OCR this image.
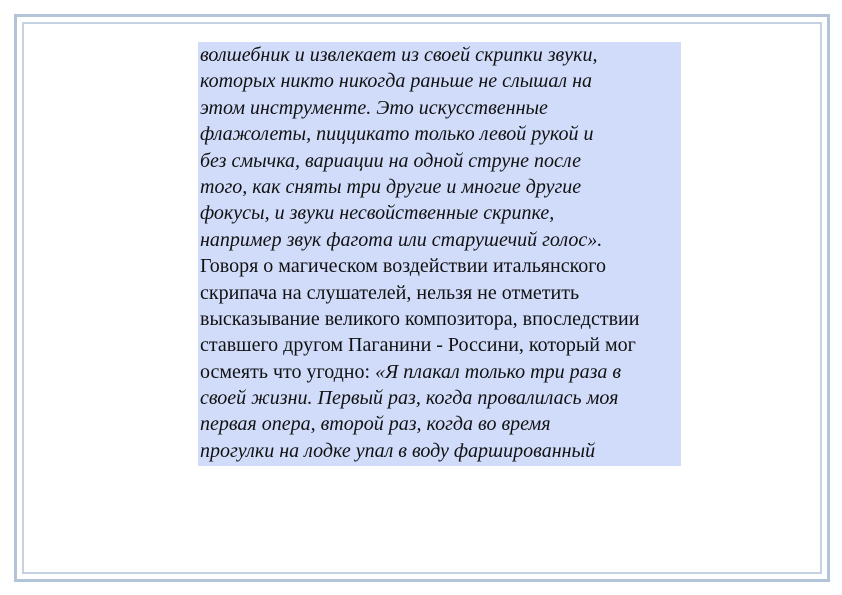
волшебник и извлекает из своей скрипки звуки,
которых никто никогда раньше не слышал на
этом инструменте. Это искусственные
флажолеты, пиццикато только левой рукой и
без смычка, вариации на одной струне после
того, как сняты три другие и многие другие
фокусы, и звуки несвойственные скрипке,
например звук фагота или старушечий голос».
Говоря о магическом воздействии итальянского
скрипача на слушателей, нельзя не отметить
высказывание великого композитора, впоследствии
ставшего другом Паганини - Россини, который мог
осмеять что угодно: «Я плакал только три раза в
своей жизни. Первый раз, когда провалилась моя
первая опера, второй раз, когда во время
прогулки на лодке упал в воду фаршированный
